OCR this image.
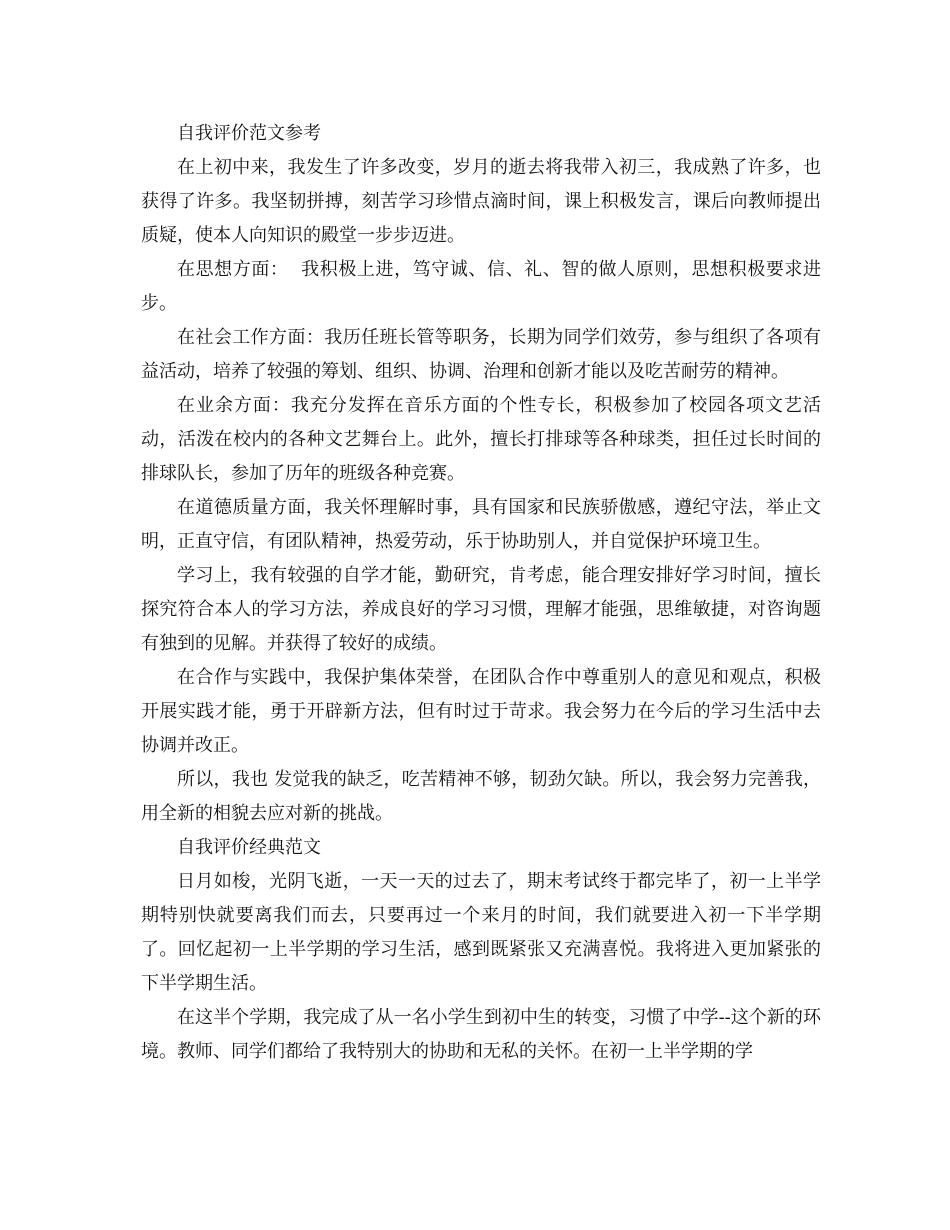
自我评价范文参考

在上初中来，我发生了许多改变，岁月的逝去将我带入初三，我成熟了许多，也获得了许多。我坚韧拼搏，刻苦学习珍惜点滴时间，课上积极发言，课后向教师提出质疑，使本人向知识的殿堂一步步迈进。

在思想方面：  我积极上进，笃守诚、信、礼、智的做人原则，思想积极要求进步。

在社会工作方面：我历任班长管等职务，长期为同学们效劳，参与组织了各项有益活动，培养了较强的筹划、组织、协调、治理和创新才能以及吃苦耐劳的精神。

在业余方面：我充分发挥在音乐方面的个性专长，积极参加了校园各项文艺活动，活泼在校内的各种文艺舞台上。此外，擅长打排球等各种球类，担任过长时间的排球队长，参加了历年的班级各种竞赛。

在道德质量方面，我关怀理解时事，具有国家和民族骄傲感，遵纪守法，举止文明，正直守信，有团队精神，热爱劳动，乐于协助别人，并自觉保护环境卫生。

学习上，我有较强的自学才能，勤研究，肯考虑，能合理安排好学习时间，擅长探究符合本人的学习方法，养成良好的学习习惯，理解才能强，思维敏捷，对咨询题有独到的见解。并获得了较好的成绩。

在合作与实践中，我保护集体荣誉，在团队合作中尊重别人的意见和观点，积极开展实践才能，勇于开辟新方法，但有时过于苛求。我会努力在今后的学习生活中去协调并改正。

所以，我也 发觉我的缺乏，吃苦精神不够，韧劲欠缺。所以，我会努力完善我，用全新的相貌去应对新的挑战。

自我评价经典范文

日月如梭，光阴飞逝，一天一天的过去了，期末考试终于都完毕了，初一上半学期特别快就要离我们而去，只要再过一个来月的时间，我们就要进入初一下半学期了。回忆起初一上半学期的学习生活，感到既紧张又充满喜悦。我将进入更加紧张的下半学期生活。

在这半个学期，我完成了从一名小学生到初中生的转变，习惯了中学--这个新的环境。教师、同学们都给了我特别大的协助和无私的关怀。在初一上半学期的学
